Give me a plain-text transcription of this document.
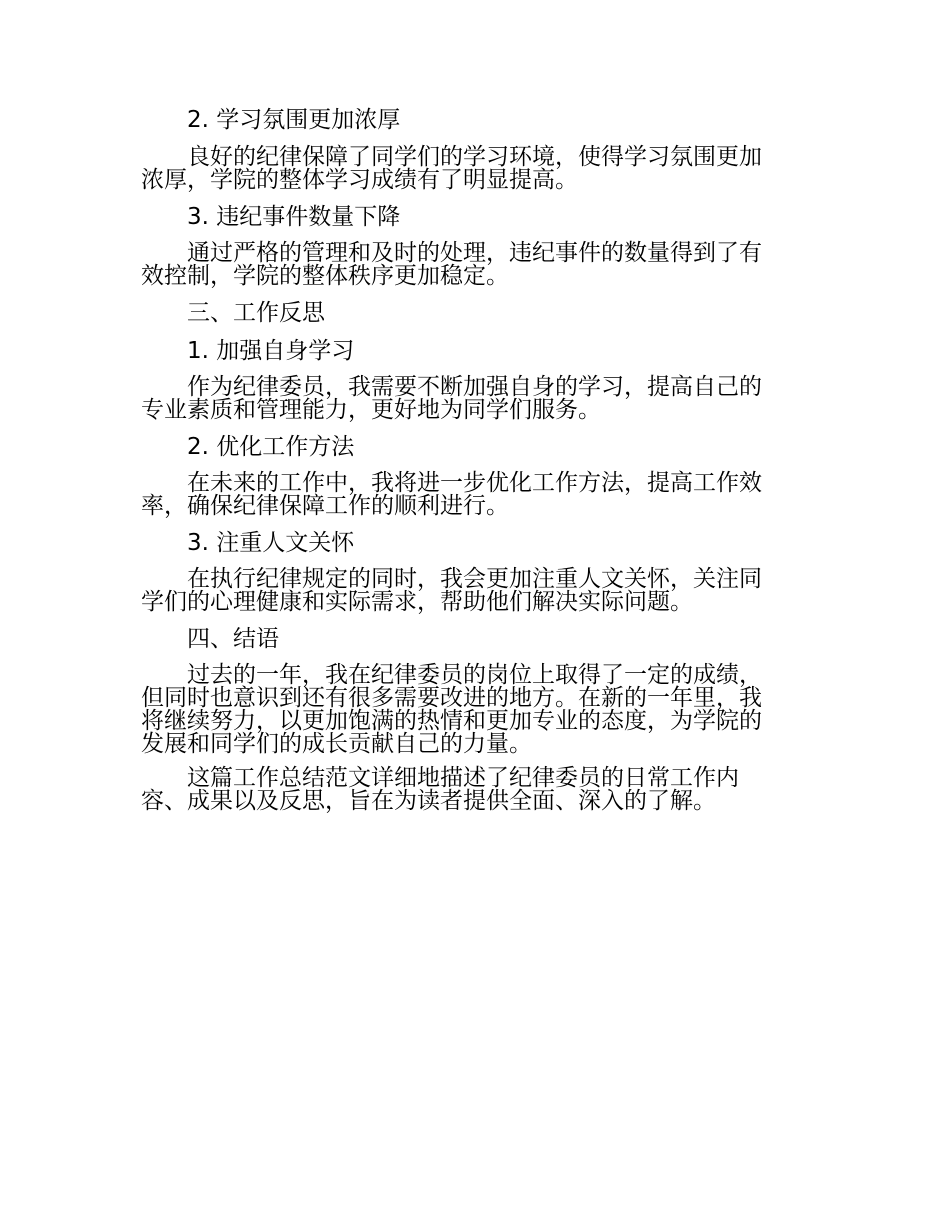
2. 学习氛围更加浓厚
良好的纪律保障了同学们的学习环境，使得学习氛围更加
浓厚，学院的整体学习成绩有了明显提高。
3. 违纪事件数量下降
通过严格的管理和及时的处理，违纪事件的数量得到了有
效控制，学院的整体秩序更加稳定。
三、工作反思
1. 加强自身学习
作为纪律委员，我需要不断加强自身的学习，提高自己的
专业素质和管理能力，更好地为同学们服务。
2. 优化工作方法
在未来的工作中，我将进一步优化工作方法，提高工作效
率，确保纪律保障工作的顺利进行。
3. 注重人文关怀
在执行纪律规定的同时，我会更加注重人文关怀，关注同
学们的心理健康和实际需求，帮助他们解决实际问题。
四、结语
过去的一年，我在纪律委员的岗位上取得了一定的成绩，
但同时也意识到还有很多需要改进的地方。在新的一年里，我
将继续努力，以更加饱满的热情和更加专业的态度，为学院的
发展和同学们的成长贡献自己的力量。
这篇工作总结范文详细地描述了纪律委员的日常工作内
容、成果以及反思，旨在为读者提供全面、深入的了解。
